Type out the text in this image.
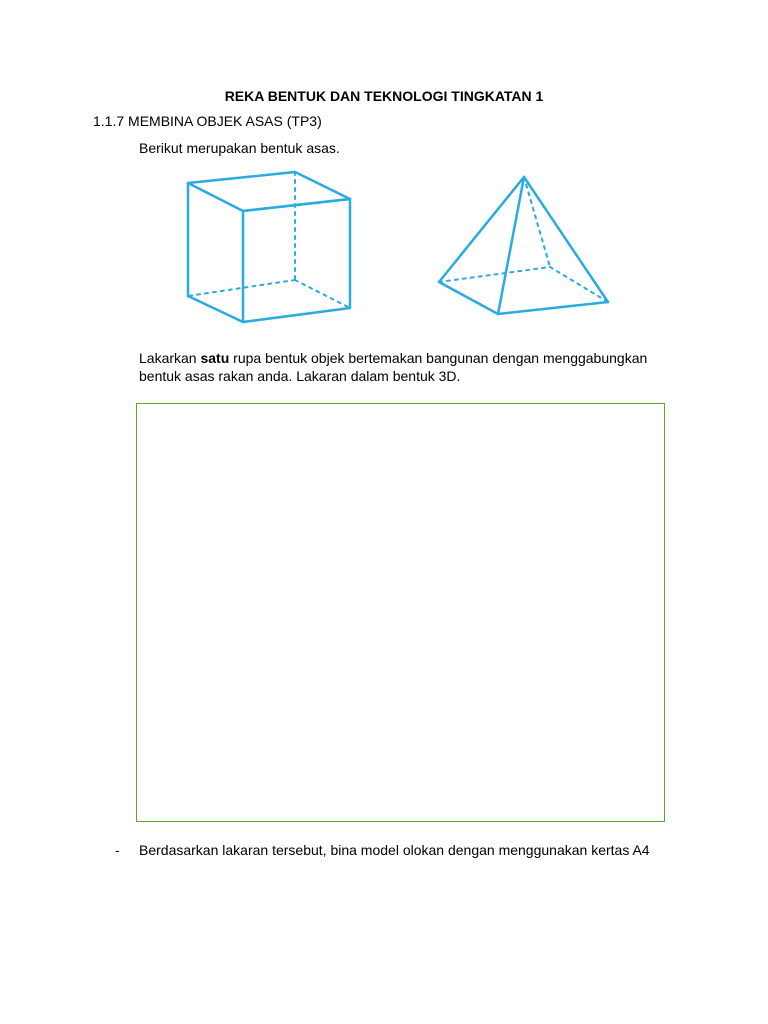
REKA BENTUK DAN TEKNOLOGI TINGKATAN 1
1.1.7 MEMBINA OBJEK ASAS (TP3)
Berikut merupakan bentuk asas.
Lakarkan satu rupa bentuk objek bertemakan bangunan dengan menggabungkan bentuk asas rakan anda. Lakaran dalam bentuk 3D.
- Berdasarkan lakaran tersebut, bina model olokan dengan menggunakan kertas A4
